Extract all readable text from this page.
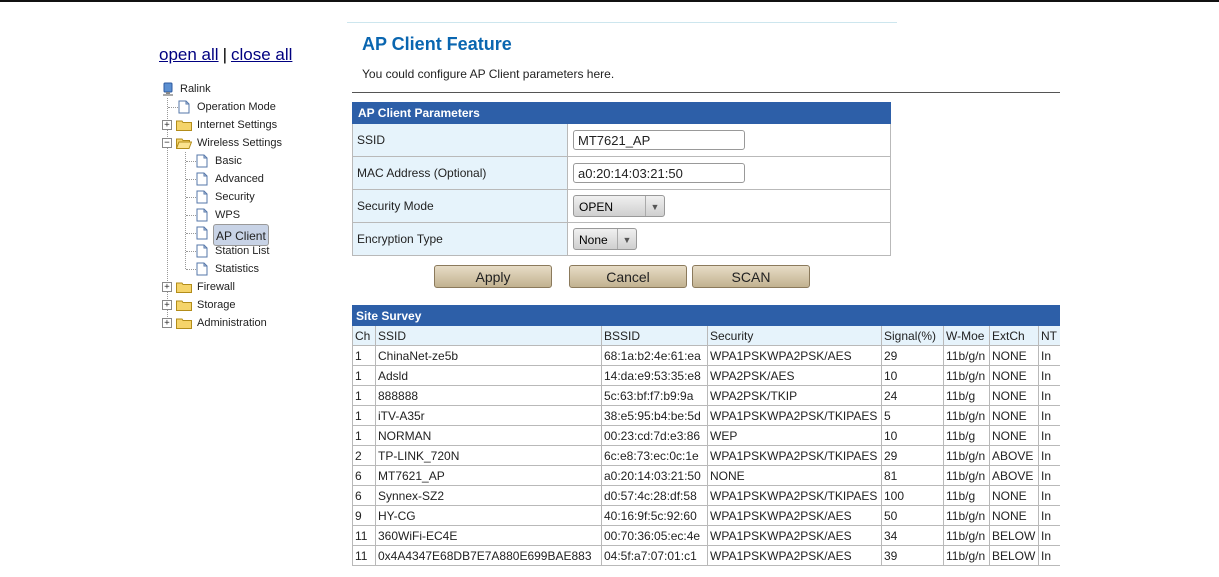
open all | close all
Ralink
Operation Mode
+ Internet Settings
− Wireless Settings
Basic
Advanced
Security
WPS
AP Client
Station List
Statistics
+ Firewall
+ Storage
+ Administration
AP Client Feature
You could configure AP Client parameters here.
AP Client Parameters	
SSID	MT7621_AP
MAC Address (Optional)	a0:20:14:03:21:50
Security Mode	OPEN ▼

Encryption Type	None ▼
Apply	Cancel	SCAN
Site Survey							
Ch	SSID	BSSID	Security	Signal(%)	W-Moe	ExtCh	NT
1	ChinaNet-ze5b	68:1a:b2:4e:61:ea	WPA1PSKWPA2PSK/AES	29	11b/g/n	NONE	In
1	Adsld	14:da:e9:53:35:e8	WPA2PSK/AES	10	11b/g/n	NONE	In
1	888888	5c:63:bf:f7:b9:9a	WPA2PSK/TKIP	24	11b/g	NONE	In
1	iTV-A35r	38:e5:95:b4:be:5d	WPA1PSKWPA2PSK/TKIPAES	5	11b/g/n	NONE	In
1	NORMAN	00:23:cd:7d:e3:86	WEP	10	11b/g	NONE	In
2	TP-LINK_720N	6c:e8:73:ec:0c:1e	WPA1PSKWPA2PSK/TKIPAES	29	11b/g/n	ABOVE	In
6	MT7621_AP	a0:20:14:03:21:50	NONE	81	11b/g/n	ABOVE	In
6	Synnex-SZ2	d0:57:4c:28:df:58	WPA1PSKWPA2PSK/TKIPAES	100	11b/g	NONE	In
9	HY-CG	40:16:9f:5c:92:60	WPA1PSKWPA2PSK/AES	50	11b/g/n	NONE	In
11	360WiFi-EC4E	00:70:36:05:ec:4e	WPA1PSKWPA2PSK/AES	34	11b/g/n	BELOW	In
11	0x4A4347E68DB7E7A880E699BAE883	04:5f:a7:07:01:c1	WPA1PSKWPA2PSK/AES	39	11b/g/n	BELOW	In
